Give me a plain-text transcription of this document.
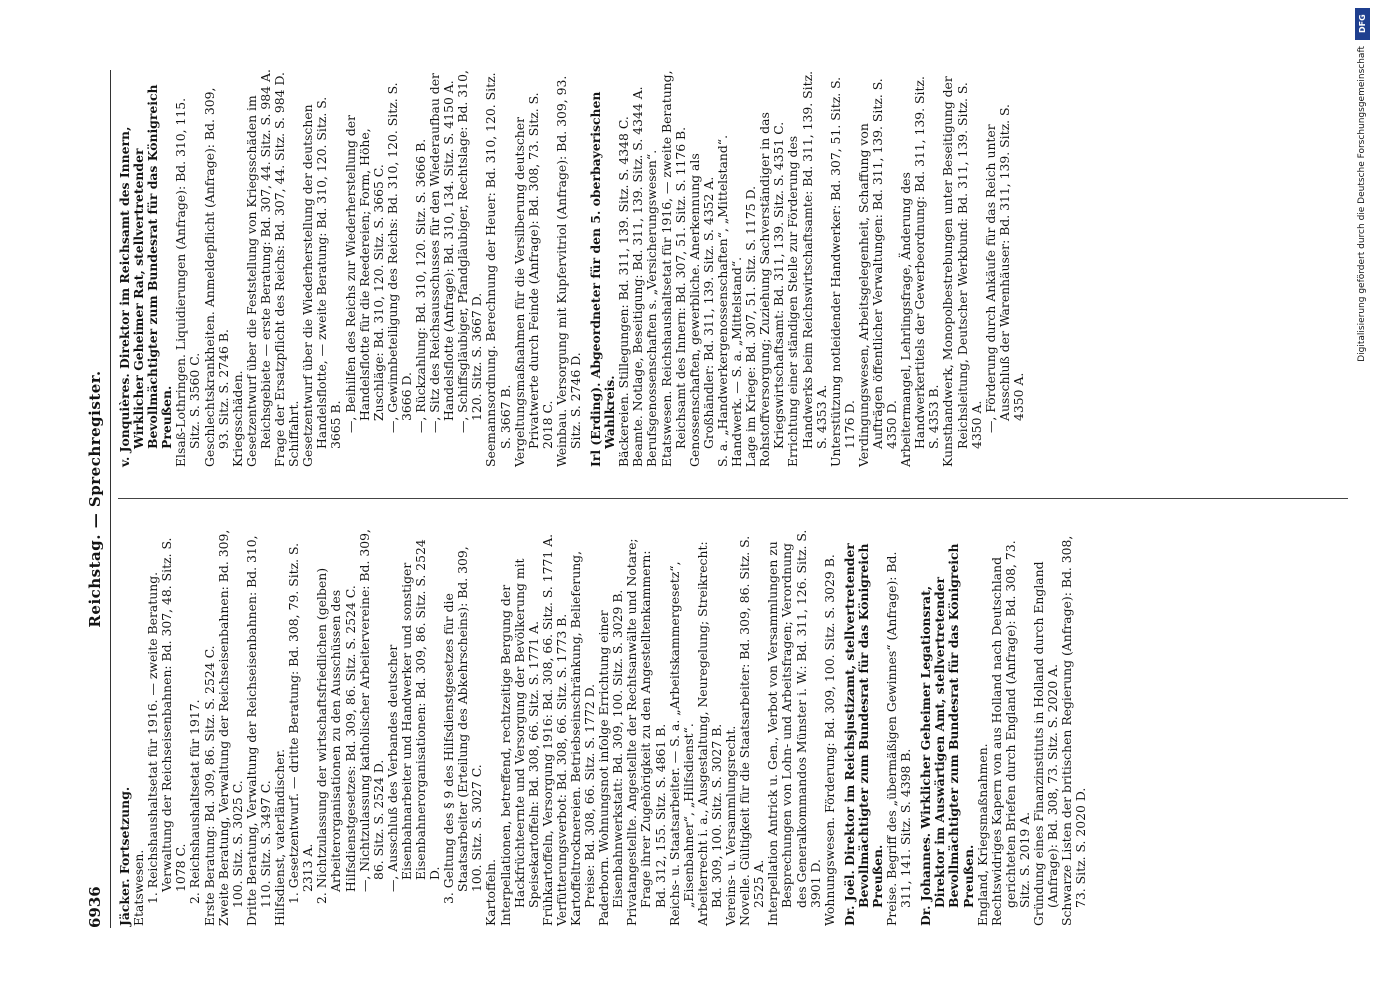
6936
Reichstag. — Sprechregister.

Jäcker. Fortsetzung. Etatswesen. 1. Reichshaushaltsetat für 1916. — zweite Beratung. Verwaltung der Reichseisenbahnen: Bd. 307, 48. Sitz. S. 1078 C. 2. Reichshaushaltsetat für 1917. Erste Beratung: Bd. 309, 86. Sitz. S. 2524 C. Zweite Beratung, Verwaltung der Reichseisenbahnen: Bd. 309, 100. Sitz. S. 3025 C. Dritte Beratung, Verwaltung der Reichseisenbahnen: Bd. 310, 110. Sitz. S. 3497 C. Hilfsdienst, vaterländischer. 1. Gesetzentwurf. — dritte Beratung: Bd. 308, 79. Sitz. S. 2313 A. 2. Nichtzulassung der wirtschaftsfriedlichen (gelben) Arbeiterorganisationen zu den Ausschüssen des Hilfsdienstgesetzes: Bd. 309, 86. Sitz. S. 2524 C. —, Nichtzulassung katholischer Arbeitervereine: Bd. 309, 86. Sitz. S. 2524 D. —, Ausschluß des Verbandes deutscher Eisenbahnarbeiter und Handwerker und sonstiger Eisenbahnerorganisationen: Bd. 309, 86. Sitz. S. 2524 D. 3. Geltung des § 9 des Hilfsdienstgesetzes für die Staatsarbeiter (Erteilung des Abkehrscheins): Bd. 309, 100. Sitz. S. 3027 C.

Kartoffeln. Interpellationen, betreffend, rechtzeitige Bergung der Hackfrüchteernte und Versorgung der Bevölkerung mit Speisekartoffeln: Bd. 308, 66. Sitz. S. 1771 A. Frühkartoffeln, Versorgung 1916: Bd. 308, 66. Sitz. S. 1771 A. Verfütterungsverbot: Bd. 308, 66. Sitz. S. 1773 B. Kartoffeltrocknereien. Betriebseinschränkung, Belieferung, Preise: Bd. 308, 66. Sitz. S. 1772 D. Paderborn. Wohnungsnot infolge Errichtung einer Eisenbahnwerkstatt: Bd. 309, 100. Sitz. S. 3029 B. Privatangestellte. Angestellte der Rechtsanwälte und Notare; Frage ihrer Zugehörigkeit zu den Angestelltenkammern: Bd. 312, 155. Sitz. S. 4861 B. Reichs- u. Staatsarbeiter. — S. a. „Arbeitskammergesetz“, „Eisenbahner“, „Hilfsdienst“. Arbeiterrecht i. a., Ausgestaltung, Neuregelung; Streikrecht: Bd. 309, 100. Sitz. S. 3027 B. Vereins- u. Versammlungsrecht. Novelle. Gültigkeit für die Staatsarbeiter: Bd. 309, 86. Sitz. S. 2525 A. Interpellation Antrick u. Gen., Verbot von Versammlungen zu Besprechungen von Lohn- und Arbeitsfragen; Verordnung des Generalkommandos Münster i. W.: Bd. 311, 126. Sitz. S. 3901 D. Wohnungswesen. Förderung: Bd. 309, 100. Sitz. S. 3029 B. Dr. Joël. Direktor im Reichsjustizamt, stellvertretender Bevollmächtigter zum Bundesrat für das Königreich Preußen. Preise. Begriff des „übermäßigen Gewinnes“ (Anfrage): Bd. 311, 141. Sitz. S. 4398 B. Dr. Johannes. Wirklicher Geheimer Legationsrat, Direktor im Auswärtigen Amt, stellvertretender Bevollmächtigter zum Bundesrat für das Königreich Preußen. England, Kriegsmaßnahmen. Rechtswidriges Kapern von aus Holland nach Deutschland gerichteten Briefen durch England (Anfrage): Bd. 308, 73. Sitz. S. 2019 A. Gründung eines Finanzinstituts in Holland durch England (Anfrage): Bd. 308, 73. Sitz. S. 2020 A. Schwarze Listen der britischen Regierung (Anfrage): Bd. 308, 73. Sitz. S. 2020 D.

v. Jonquières. Direktor im Reichsamt des Innern, Wirklicher Geheimer Rat, stellvertretender Bevollmächtigter zum Bundesrat für das Königreich Preußen. Elsaß-Lothringen. Liquidierungen (Anfrage): Bd. 310, 115. Sitz. S. 3560 C. Geschlechtskrankheiten. Anmeldepflicht (Anfrage): Bd. 309, 93. Sitz. S. 2746 B. Kriegsschäden. Gesetzentwurf über die Feststellung von Kriegsschäden im Reichsgebiete — erste Beratung: Bd. 307, 44. Sitz. S. 984 A. Frage der Ersatzpflicht des Reichs: Bd. 307, 44. Sitz. S. 984 D. Schiffahrt. Gesetzentwurf über die Wiederherstellung der deutschen Handelsflotte, — zweite Beratung: Bd. 310, 120. Sitz. S. 3665 B. —, Beihilfen des Reichs zur Wiederherstellung der Handelsflotte für die Reedereien; Form, Höhe, Zuschläge: Bd. 310, 120. Sitz. S. 3665 C. —, Gewinnbeteiligung des Reichs: Bd. 310, 120. Sitz. S. 3666 D. —, Rückzahlung: Bd. 310, 120. Sitz. S. 3666 B. —, Sitz des Reichsausschusses für den Wiederaufbau der Handelsflotte (Anfrage): Bd. 310, 134. Sitz. S. 4150 A. —, Schiffsgläubiger, Pfandgläubiger, Rechtslage: Bd. 310, 120. Sitz. S. 3667 D. Seemannsordnung. Berechnung der Heuer: Bd. 310, 120. Sitz. S. 3667 B. Vergeltungsmaßnahmen für die Versilberung deutscher Privatwerte durch Feinde (Anfrage): Bd. 308, 73. Sitz. S. 2018 C. Weinbau. Versorgung mit Kupfervitriol (Anfrage): Bd. 309, 93. Sitz. S. 2746 D. Irl (Erding). Abgeordneter für den 5. oberbayerischen Wahlkreis. Bäckereien. Stillegungen: Bd. 311, 139. Sitz. S. 4348 C. Beamte. Notlage, Beseitigung: Bd. 311, 139. Sitz. S. 4344 A. Berufsgenossenschaften s. „Versicherungswesen“. Etatswesen. Reichshaushaltsetat für 1916, — zweite Beratung, Reichsamt des Innern: Bd. 307, 51. Sitz. S. 1176 B. Genossenschaften, gewerbliche. Anerkennung als Großhändler: Bd. 311, 139. Sitz. S. 4352 A. S. a. „Handwerkergenossenschaften“, „Mittelstand“. Handwerk. — S. a. „Mittelstand“. Lage im Kriege: Bd. 307, 51. Sitz. S. 1175 D. Rohstoffversorgung; Zuziehung Sachverständiger in das Kriegswirtschaftsamt: Bd. 311, 139. Sitz. S. 4351 C. Errichtung einer ständigen Stelle zur Förderung des Handwerks beim Reichswirtschaftsamte: Bd. 311, 139. Sitz. S. 4353 A. Unterstützung notleidender Handwerker: Bd. 307, 51. Sitz. S. 1176 D. Verdingungswesen, Arbeitsgelegenheit, Schaffung von Aufträgen öffentlicher Verwaltungen: Bd. 311, 139. Sitz. S. 4350 D. Arbeitermangel, Lehrlingsfrage, Änderung des Handwerkertitels der Gewerbeordnung: Bd. 311, 139. Sitz. S. 4353 B. Kunsthandwerk, Monopolbestrebungen unter Beseitigung der Reichsleitung, Deutscher Werkbund: Bd. 311, 139. Sitz. S. 4350 A. —, Förderung durch Ankäufe für das Reich unter Ausschluß der Warenhäuser: Bd. 311, 139. Sitz. S. 4350 A.

DFG
Digitalisierung gefördert durch die Deutsche Forschungsgemeinschaft
